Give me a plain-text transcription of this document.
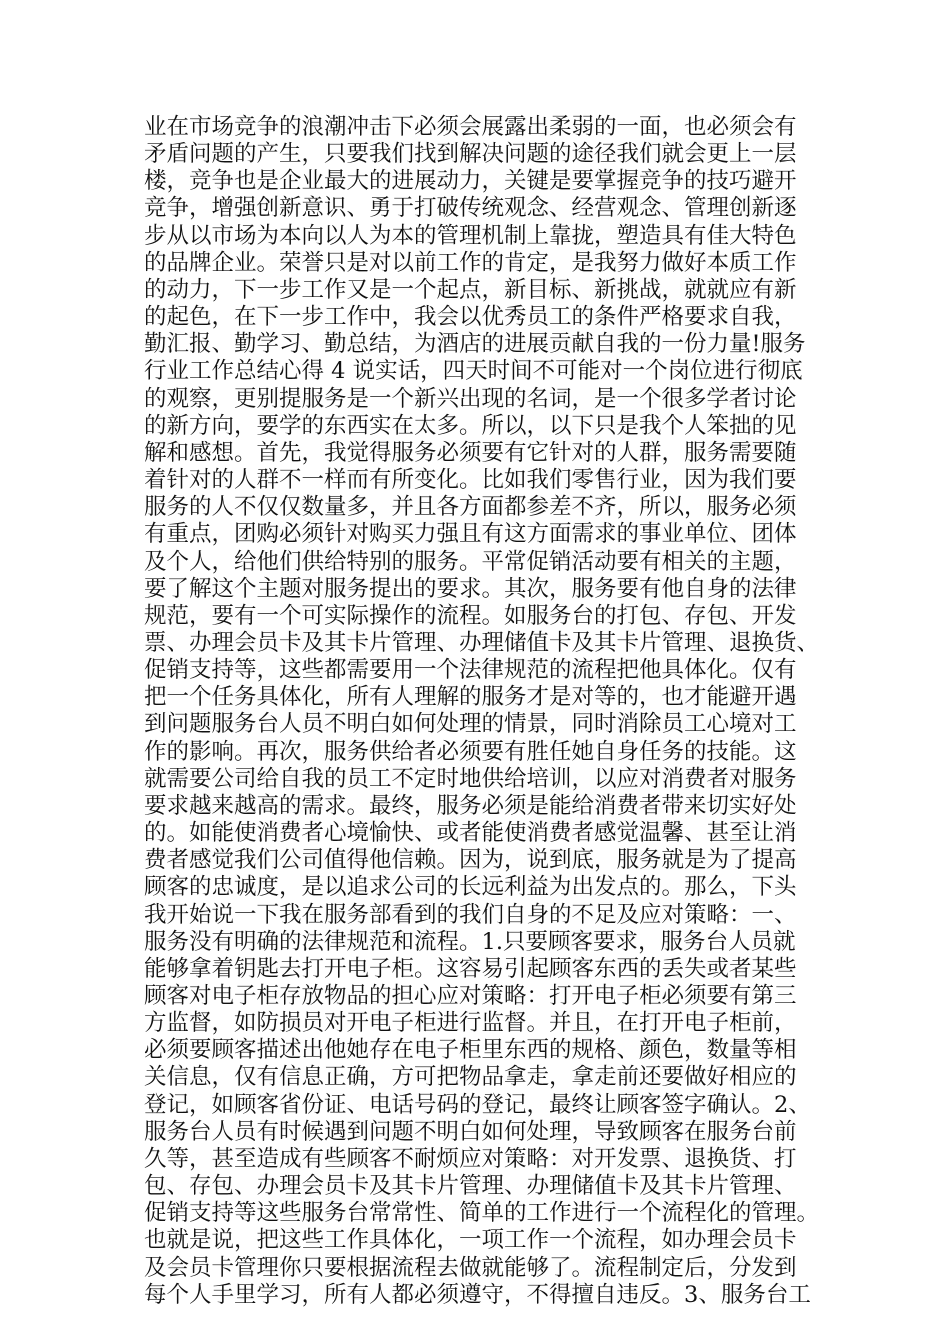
业在市场竞争的浪潮冲击下必须会展露出柔弱的一面，也必须会有
矛盾问题的产生，只要我们找到解决问题的途径我们就会更上一层
楼，竞争也是企业最大的进展动力，关键是要掌握竞争的技巧避开
竞争，增强创新意识、勇于打破传统观念、经营观念、管理创新逐
步从以市场为本向以人为本的管理机制上靠拢，塑造具有佳大特色
的品牌企业。荣誉只是对以前工作的肯定，是我努力做好本质工作
的动力，下一步工作又是一个起点，新目标、新挑战，就就应有新
的起色，在下一步工作中，我会以优秀员工的条件严格要求自我，
勤汇报、勤学习、勤总结，为酒店的进展贡献自我的一份力量!服务
行业工作总结心得 4 说实话，四天时间不可能对一个岗位进行彻底
的观察，更别提服务是一个新兴出现的名词，是一个很多学者讨论
的新方向，要学的东西实在太多。所以，以下只是我个人笨拙的见
解和感想。首先，我觉得服务必须要有它针对的人群，服务需要随
着针对的人群不一样而有所变化。比如我们零售行业，因为我们要
服务的人不仅仅数量多，并且各方面都参差不齐，所以，服务必须
有重点，团购必须针对购买力强且有这方面需求的事业单位、团体
及个人，给他们供给特别的服务。平常促销活动要有相关的主题，
要了解这个主题对服务提出的要求。其次，服务要有他自身的法律
规范，要有一个可实际操作的流程。如服务台的打包、存包、开发
票、办理会员卡及其卡片管理、办理储值卡及其卡片管理、退换货、
促销支持等，这些都需要用一个法律规范的流程把他具体化。仅有
把一个任务具体化，所有人理解的服务才是对等的，也才能避开遇
到问题服务台人员不明白如何处理的情景，同时消除员工心境对工
作的影响。再次，服务供给者必须要有胜任她自身任务的技能。这
就需要公司给自我的员工不定时地供给培训，以应对消费者对服务
要求越来越高的需求。最终，服务必须是能给消费者带来切实好处
的。如能使消费者心境愉快、或者能使消费者感觉温馨、甚至让消
费者感觉我们公司值得他信赖。因为，说到底，服务就是为了提高
顾客的忠诚度，是以追求公司的长远利益为出发点的。那么，下头
我开始说一下我在服务部看到的我们自身的不足及应对策略：一、
服务没有明确的法律规范和流程。1.只要顾客要求，服务台人员就
能够拿着钥匙去打开电子柜。这容易引起顾客东西的丢失或者某些
顾客对电子柜存放物品的担心应对策略：打开电子柜必须要有第三
方监督，如防损员对开电子柜进行监督。并且，在打开电子柜前，
必须要顾客描述出他她存在电子柜里东西的规格、颜色，数量等相
关信息，仅有信息正确，方可把物品拿走，拿走前还要做好相应的
登记，如顾客省份证、电话号码的登记，最终让顾客签字确认。2、
服务台人员有时候遇到问题不明白如何处理，导致顾客在服务台前
久等，甚至造成有些顾客不耐烦应对策略：对开发票、退换货、打
包、存包、办理会员卡及其卡片管理、办理储值卡及其卡片管理、
促销支持等这些服务台常常性、简单的工作进行一个流程化的管理。
也就是说，把这些工作具体化，一项工作一个流程，如办理会员卡
及会员卡管理你只要根据流程去做就能够了。流程制定后，分发到
每个人手里学习，所有人都必须遵守，不得擅自违反。3、服务台工
